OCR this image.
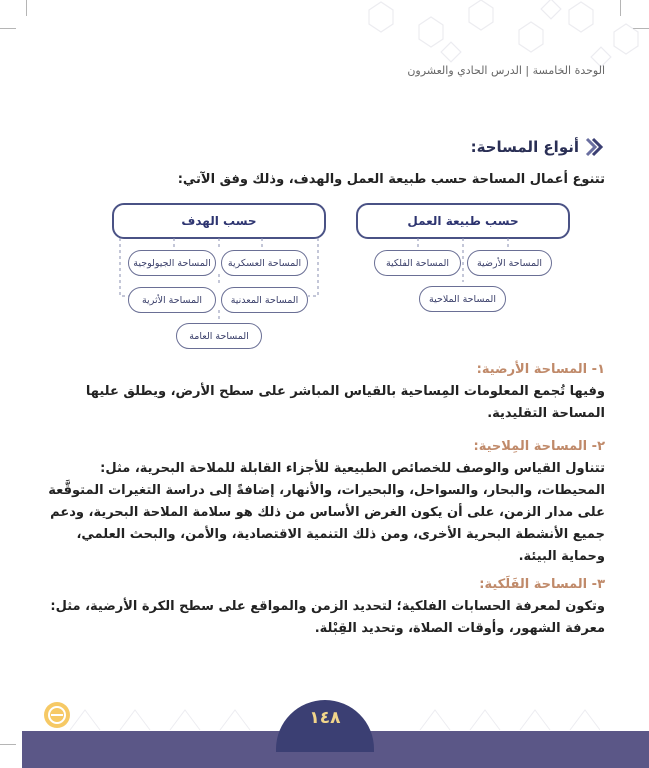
الوحدة الخامسة | الدرس الحادي والعشرون
أنواع المساحة:
تتنوع أعمال المساحة حسب طبيعة العمل والهدف، وذلك وفق الآتي:
حسب طبيعة العمل
المساحة الأرضية
المساحة الفلكية
المساحة الملاحية
حسب الهدف
المساحة العسكرية
المساحة الجيولوجية
المساحة المعدنية
المساحة الأثرية
المساحة العامة
١- المساحة الأرضية:
وفيها تُجمع المعلومات المِساحية بالقياس المباشر على سطح الأرض، ويطلق عليها
المساحة التقليدية.
٢- المساحة المِلاحية:
تتناول القياس والوصف للخصائص الطبيعية للأجزاء القابلة للملاحة البحرية، مثل:
المحيطات، والبحار، والسواحل، والبحيرات، والأنهار، إضافةً إلى دراسة التغيرات المتوقَّعة
على مدار الزمن، على أن يكون الغرض الأساس من ذلك هو سلامة الملاحة البحرية، ودعم
جميع الأنشطة البحرية الأخرى، ومن ذلك التنمية الاقتصادية، والأمن، والبحث العلمي،
وحماية البيئة.
٣- المساحة الفَلَكية:
وتكون لمعرفة الحسابات الفلكية؛ لتحديد الزمن والمواقع على سطح الكرة الأرضية، مثل:
معرفة الشهور، وأوقات الصلاة، وتحديد القِبْلة.
١٤٨
